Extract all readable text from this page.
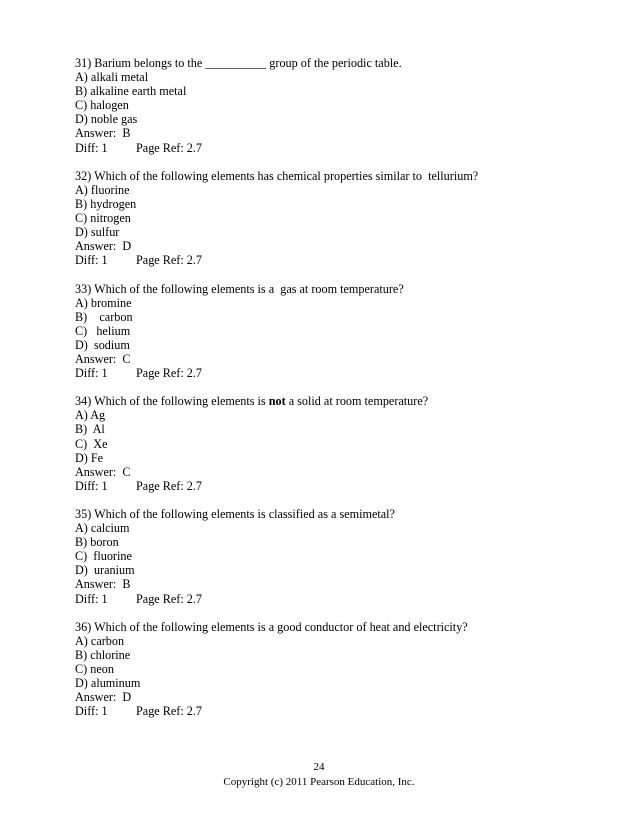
31) Barium belongs to the __________ group of the periodic table.
A) alkali metal
B) alkaline earth metal
C) halogen
D) noble gas
Answer:  B
Diff: 1 Page Ref: 2.7
32) Which of the following elements has chemical properties similar to  tellurium?
A) fluorine
B) hydrogen
C) nitrogen
D) sulfur
Answer:  D
Diff: 1 Page Ref: 2.7
33) Which of the following elements is a  gas at room temperature?
A) bromine
B)    carbon
C)   helium
D)  sodium
Answer:  C
Diff: 1 Page Ref: 2.7
34) Which of the following elements is not a solid at room temperature?
A) Ag
B)  Al
C)  Xe
D) Fe
Answer:  C
Diff: 1 Page Ref: 2.7
35) Which of the following elements is classified as a semimetal?
A) calcium
B) boron
C)  fluorine
D)  uranium
Answer:  B
Diff: 1 Page Ref: 2.7
36) Which of the following elements is a good conductor of heat and electricity?
A) carbon
B) chlorine
C) neon
D) aluminum
Answer:  D
Diff: 1 Page Ref: 2.7
24
Copyright (c) 2011 Pearson Education, Inc.
